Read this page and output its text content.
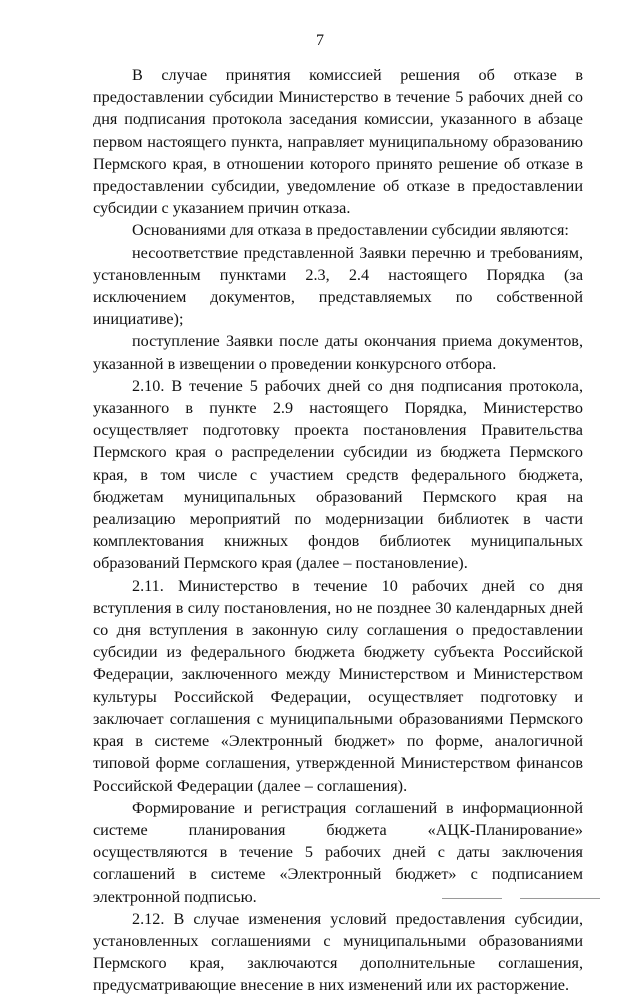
7

В случае принятия комиссией решения об отказе в предоставлении субсидии Министерство в течение 5 рабочих дней со дня подписания протокола заседания комиссии, указанного в абзаце первом настоящего пункта, направляет муниципальному образованию Пермского края, в отношении которого принято решение об отказе в предоставлении субсидии, уведомление об отказе в предоставлении субсидии с указанием причин отказа.

Основаниями для отказа в предоставлении субсидии являются:

несоответствие представленной Заявки перечню и требованиям, установленным пунктами 2.3, 2.4 настоящего Порядка (за исключением документов, представляемых по собственной инициативе);

поступление Заявки после даты окончания приема документов, указанной в извещении о проведении конкурсного отбора.

2.10. В течение 5 рабочих дней со дня подписания протокола, указанного в пункте 2.9 настоящего Порядка, Министерство осуществляет подготовку проекта постановления Правительства Пермского края о распределении субсидии из бюджета Пермского края, в том числе с участием средств федерального бюджета, бюджетам муниципальных образований Пермского края на реализацию мероприятий по модернизации библиотек в части комплектования книжных фондов библиотек муниципальных образований Пермского края (далее – постановление).

2.11. Министерство в течение 10 рабочих дней со дня вступления в силу постановления, но не позднее 30 календарных дней со дня вступления в законную силу соглашения о предоставлении субсидии из федерального бюджета бюджету субъекта Российской Федерации, заключенного между Министерством и Министерством культуры Российской Федерации, осуществляет подготовку и заключает соглашения с муниципальными образованиями Пермского края в системе «Электронный бюджет» по форме, аналогичной типовой форме соглашения, утвержденной Министерством финансов Российской Федерации (далее – соглашения).

Формирование и регистрация соглашений в информационной системе планирования бюджета «АЦК-Планирование» осуществляются в течение 5 рабочих дней с даты заключения соглашений в системе «Электронный бюджет» с подписанием электронной подписью.

2.12. В случае изменения условий предоставления субсидии, установленных соглашениями с муниципальными образованиями Пермского края, заключаются дополнительные соглашения, предусматривающие внесение в них изменений или их расторжение.
